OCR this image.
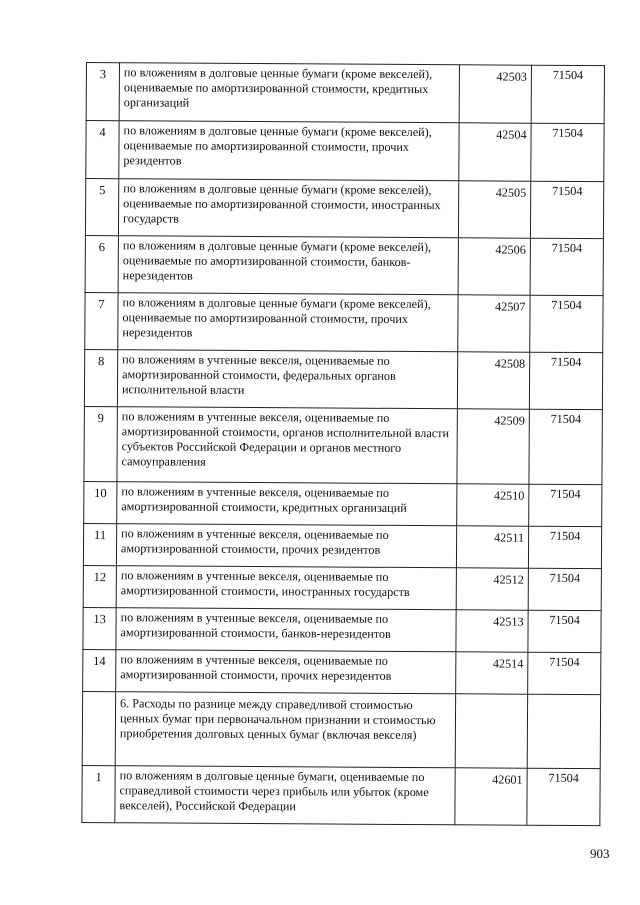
3	по вложениям в долговые ценные бумаги (кроме векселей), оцениваемые по амортизированной стоимости, кредитных организаций	42503	71504
4	по вложениям в долговые ценные бумаги (кроме векселей), оцениваемые по амортизированной стоимости, прочих резидентов	42504	71504
5	по вложениям в долговые ценные бумаги (кроме векселей), оцениваемые по амортизированной стоимости, иностранных государств	42505	71504
6	по вложениям в долговые ценные бумаги (кроме векселей), оцениваемые по амортизированной стоимости, банков-нерезидентов	42506	71504
7	по вложениям в долговые ценные бумаги (кроме векселей), оцениваемые по амортизированной стоимости, прочих нерезидентов	42507	71504
8	по вложениям в учтенные векселя, оцениваемые по амортизированной стоимости, федеральных органов исполнительной власти	42508	71504
9	по вложениям в учтенные векселя, оцениваемые по амортизированной стоимости, органов исполнительной власти субъектов Российской Федерации и органов местного самоуправления	42509	71504
10	по вложениям в учтенные векселя, оцениваемые по амортизированной стоимости, кредитных организаций	42510	71504
11	по вложениям в учтенные векселя, оцениваемые по амортизированной стоимости, прочих резидентов	42511	71504
12	по вложениям в учтенные векселя, оцениваемые по амортизированной стоимости, иностранных государств	42512	71504
13	по вложениям в учтенные векселя, оцениваемые по амортизированной стоимости, банков-нерезидентов	42513	71504
14	по вложениям в учтенные векселя, оцениваемые по амортизированной стоимости, прочих нерезидентов	42514	71504
	6. Расходы по разнице между справедливой стоимостью ценных бумаг при первоначальном признании и стоимостью приобретения долговых ценных бумаг (включая векселя)		
1	по вложениям в долговые ценные бумаги, оцениваемые по справедливой стоимости через прибыль или убыток (кроме векселей), Российской Федерации	42601	71504
903
